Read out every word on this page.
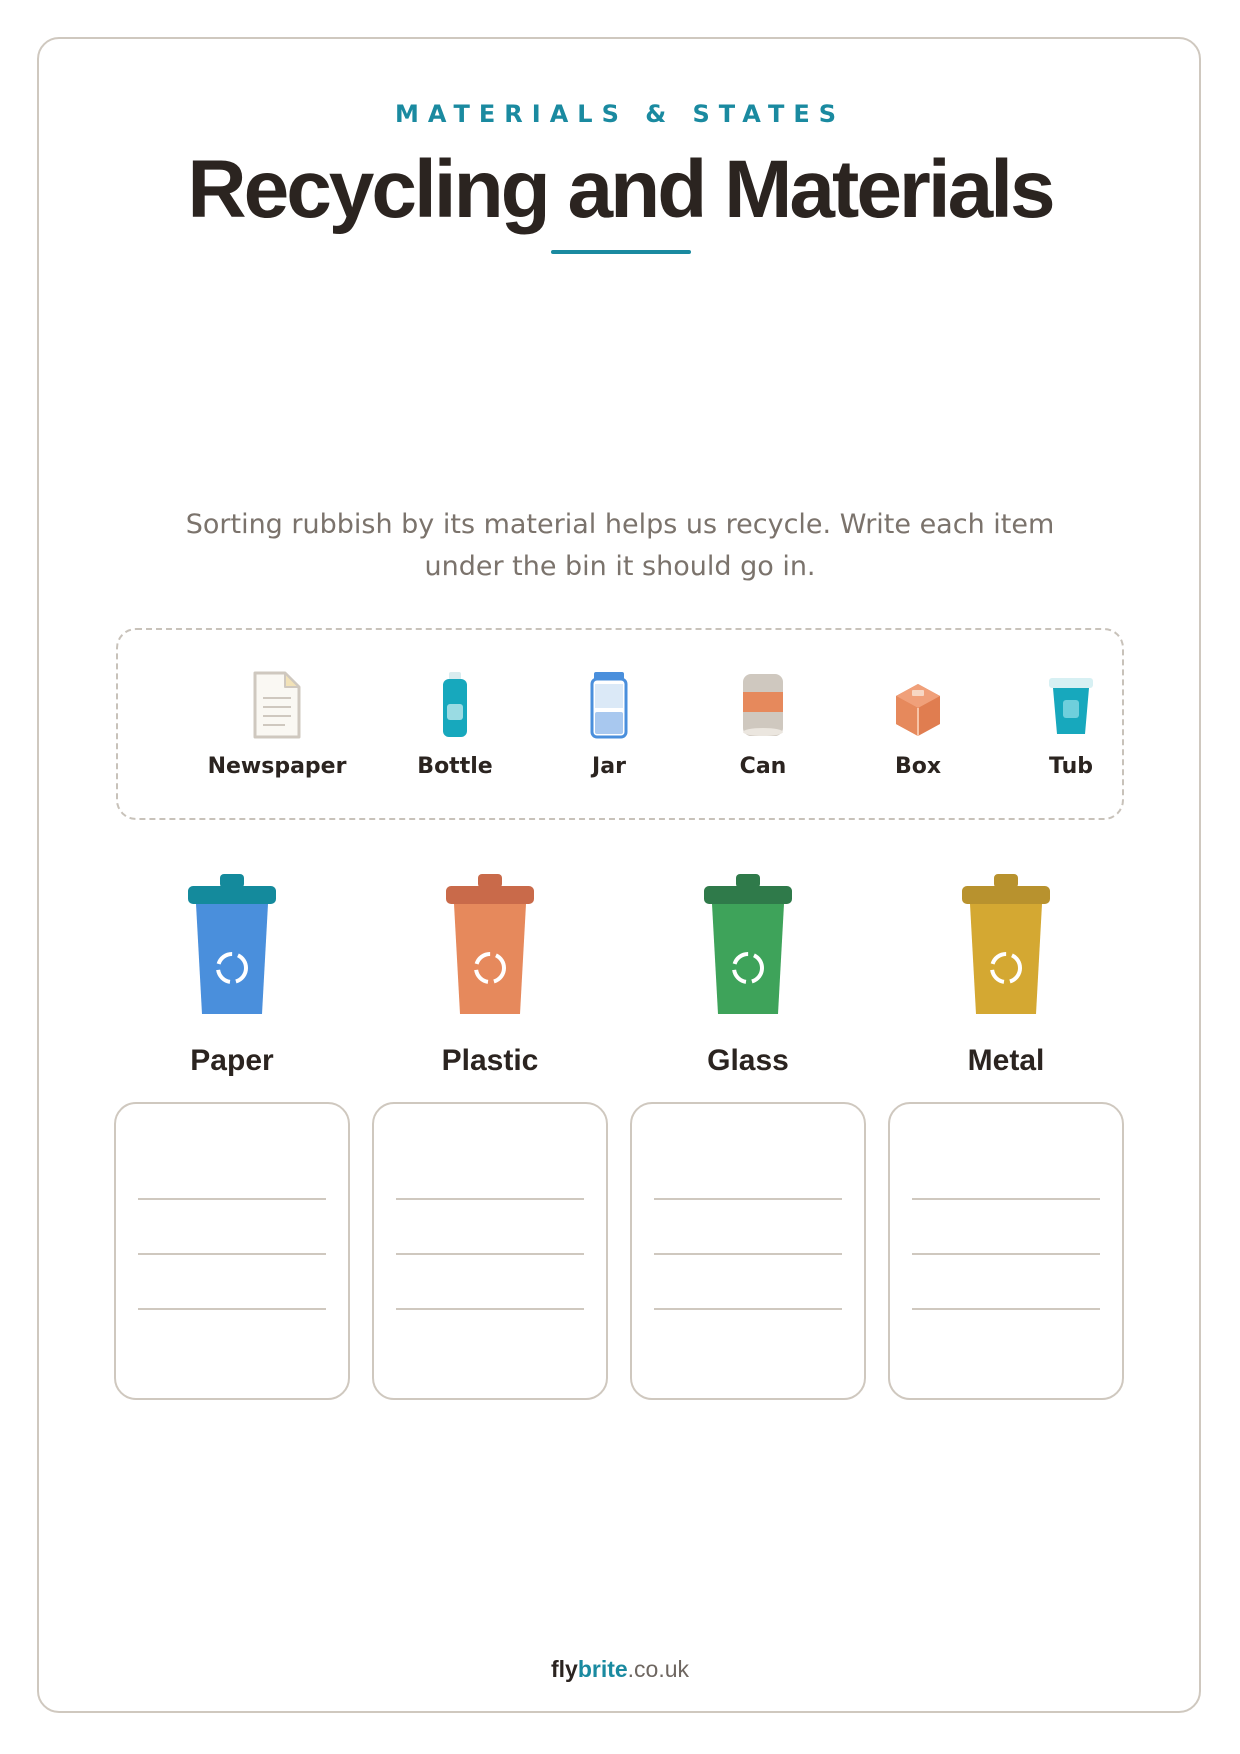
MATERIALS & STATES
Recycling and Materials
Sorting rubbish by its material helps us recycle. Write each item
under the bin it should go in.
Newspaper	Bottle	Jar	Can	Box	Tub
Paper	Plastic	Glass	Metal
flybrite.co.uk
